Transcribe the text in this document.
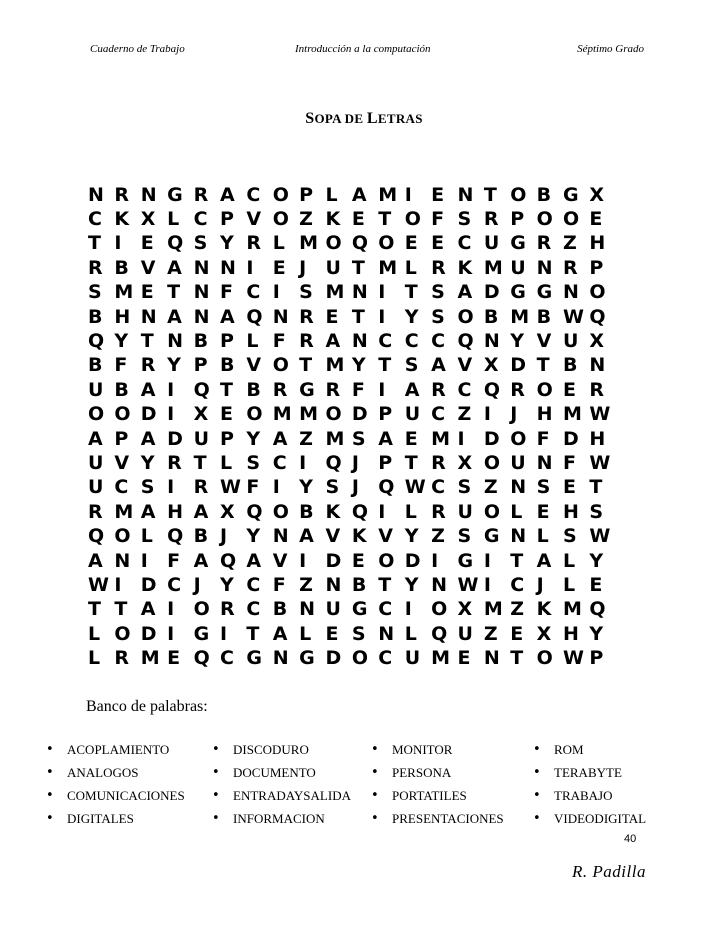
Cuaderno de Trabajo	Introducción a la computación	Séptimo Grado
SOPA DE LETRAS
N R N G R A C O P L A M I	E N T O B G X
C K X L C P V O Z K E T O F S R P O O E
T I	E Q S Y R L M O Q O E E C U G R Z H
R B V A N N I	E J	U T M L R K M U N R P
S M E T N F C I	S M N I	T S A D G G N O
B H N A N A Q N R E T I	Y S O B M B W Q
Q Y T N B P L F R A N C C C Q N Y V U X
B F R Y P B V O T M Y T S A V X D T B N
U B A I	Q T B R G R F I	A R C Q R O E R
O O D I	X E O M M O D P U C Z I	J	H M W
A P A D U P Y A Z M S A E M I	D O F D H
U V Y R T L S C I	Q J	P T R X O U N F W
U C S I	R W F I	Y S J	Q W C S Z N S E T
R M A H A X Q O B K Q I	L R U O L E H S
Q O L Q B J	Y N A V K V Y Z S G N L S W
A N I	F A Q A V I	D E O D I	G I	T A L Y
W I	D C J	Y C F Z N B T Y N W I	C J	L E
T T A I	O R C B N U G C I	O X M Z K M Q
L O D I	G I	T A L E S N L Q U Z E X H Y
L R M E Q C G N G D O C U M E N T O W P
Banco de palabras:
• ACOPLAMIENTO
• ANALOGOS
• COMUNICACIONES
• DIGITALES
• DISCODURO
• DOCUMENTO
• ENTRADAYSALIDA
• INFORMACION
• MONITOR
• PERSONA
• PORTATILES
• PRESENTACIONES
• ROM
• TERABYTE
• TRABAJO
• VIDEODIGITAL
40
R. Padilla
